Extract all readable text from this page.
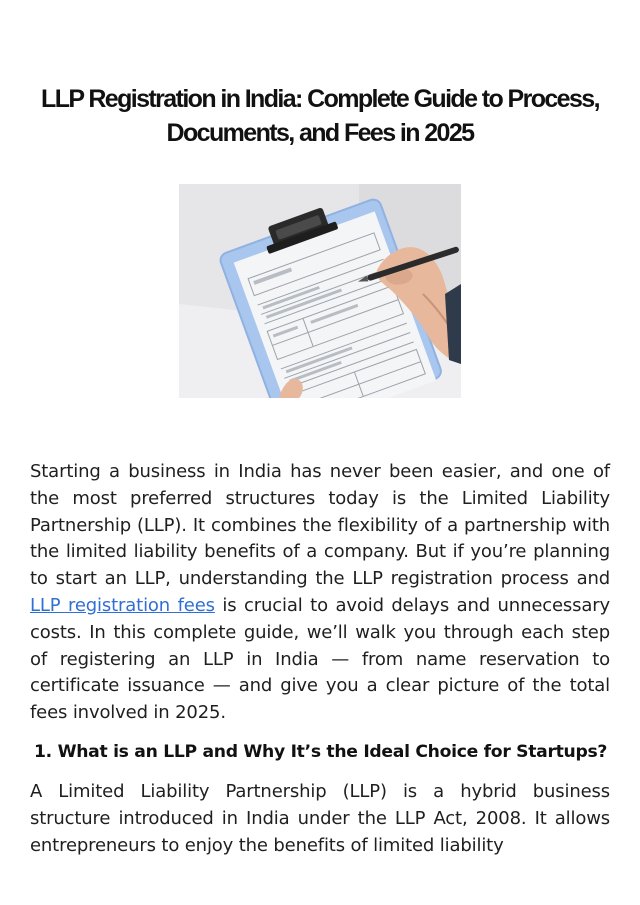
LLP Registration in India: Complete Guide to Process, Documents, and Fees in 2025

Starting a business in India has never been easier, and one of the most preferred structures today is the Limited Liability Partnership (LLP). It combines the flexibility of a partnership with the limited liability benefits of a company. But if you’re planning to start an LLP, understanding the LLP registration process and LLP registration fees is crucial to avoid delays and unnecessary costs. In this complete guide, we’ll walk you through each step of registering an LLP in India — from name reservation to certificate issuance — and give you a clear picture of the total fees involved in 2025.

1. What is an LLP and Why It’s the Ideal Choice for Startups?

A Limited Liability Partnership (LLP) is a hybrid business structure introduced in India under the LLP Act, 2008. It allows entrepreneurs to enjoy the benefits of limited liability
